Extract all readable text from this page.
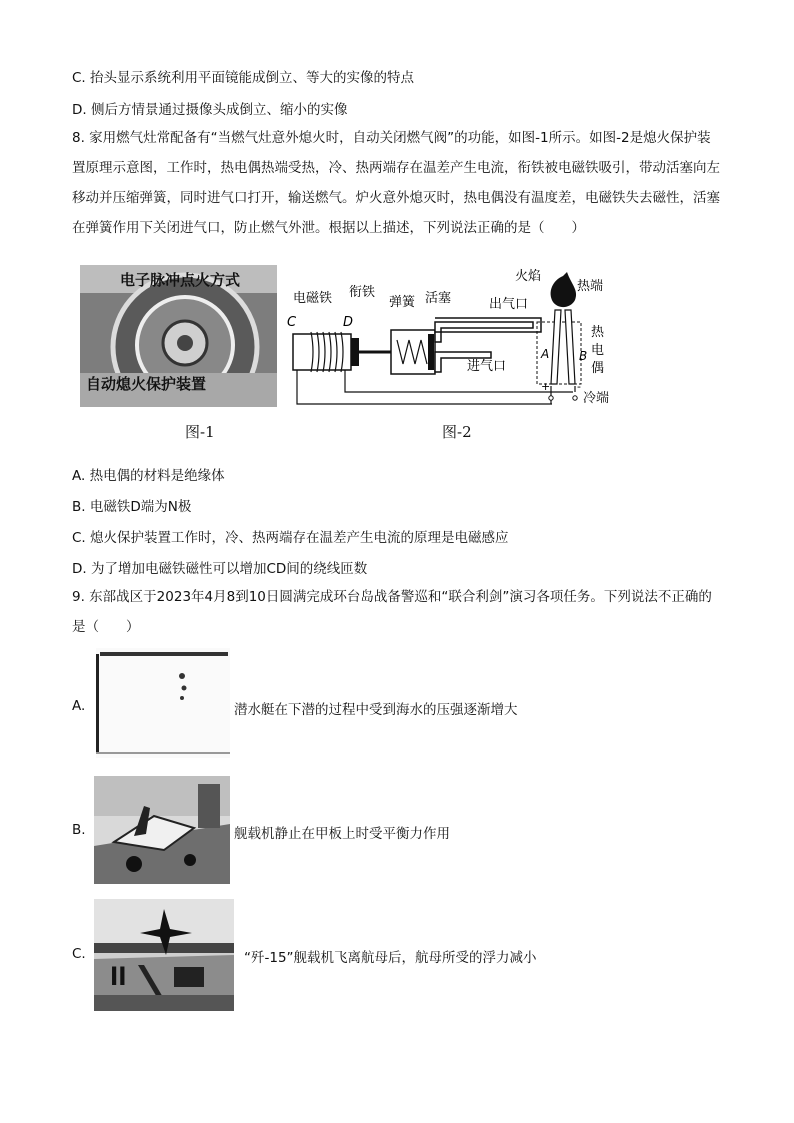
C. 抬头显示系统利用平面镜能成倒立、等大的实像的特点
D. 侧后方情景通过摄像头成倒立、缩小的实像
8. 家用燃气灶常配备有“当燃气灶意外熄火时，自动关闭燃气阀”的功能，如图-1所示。如图-2是熄火保护装置原理示意图，工作时，热电偶热端受热，冷、热两端存在温差产生电流，衔铁被电磁铁吸引，带动活塞向左移动并压缩弹簧，同时进气口打开，输送燃气。炉火意外熄灭时，热电偶没有温度差，电磁铁失去磁性，活塞在弹簧作用下关闭进气口，防止燃气外泄。根据以上描述，下列说法正确的是（　　）
电子脉冲点火方式
自动熄火保护装置
图-1
电磁铁 衔铁
弹簧 活塞
火焰
热端
出气口
进气口
热
电
偶
冷端
C	D
A B
+ -
图-2
A. 热电偶的材料是绝缘体
B. 电磁铁D端为N极
C. 熄火保护装置工作时，冷、热两端存在温差产生电流的原理是电磁感应
D. 为了增加电磁铁磁性可以增加CD间的绕线匝数
9. 东部战区于2023年4月8到10日圆满完成环台岛战备警巡和“联合利剑”演习各项任务。下列说法不正确的是（　　）
A.	潜水艇在下潜的过程中受到海水的压强逐渐增大
B.	舰载机静止在甲板上时受平衡力作用
C.
ll
“歼-15”舰载机飞离航母后，航母所受的浮力减小
